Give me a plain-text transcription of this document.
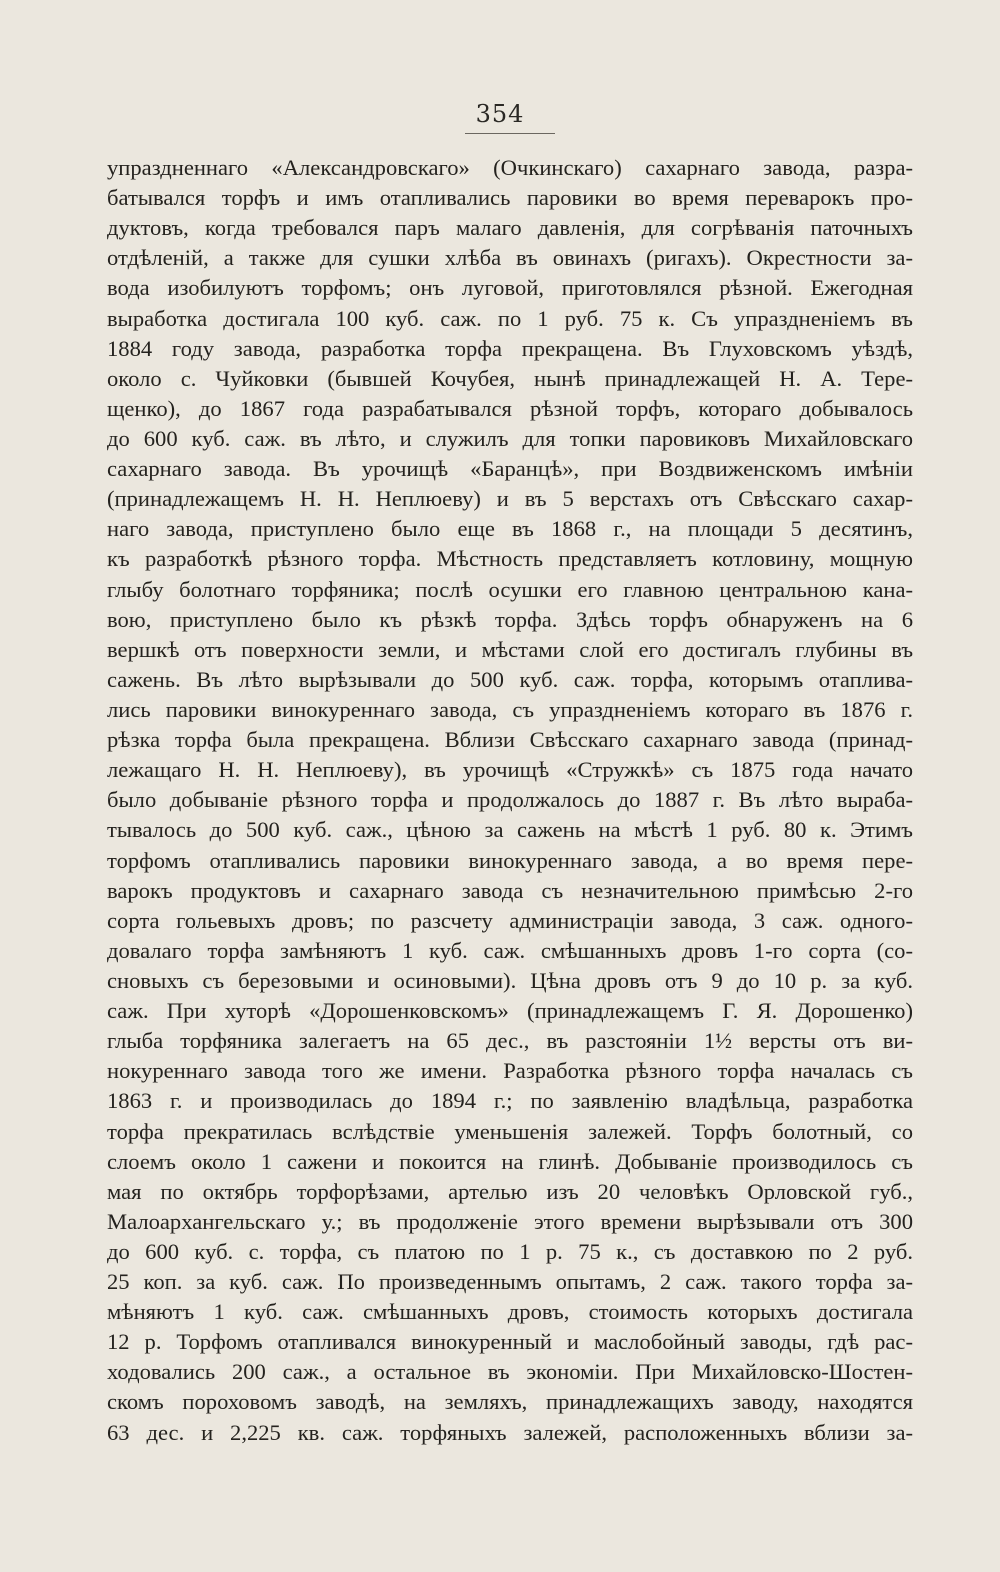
354
упраздненнаго «Александровскаго» (Очкинскаго) сахарнаго завода, разра-
батывался торфъ и имъ отапливались паровики во время переварокъ про-
дуктовъ, когда требовался паръ малаго давленія, для согрѣванія паточныхъ
отдѣленій, а также для сушки хлѣба въ овинахъ (ригахъ). Окрестности за-
вода изобилуютъ торфомъ; онъ луговой, приготовлялся рѣзной. Ежегодная
выработка достигала 100 куб. саж. по 1 руб. 75 к. Съ упраздненіемъ въ
1884 году завода, разработка торфа прекращена. Въ Глуховскомъ уѣздѣ,
около с. Чуйковки (бывшей Кочубея, нынѣ принадлежащей Н. А. Тере-
щенко), до 1867 года разрабатывался рѣзной торфъ, котораго добывалось
до 600 куб. саж. въ лѣто, и служилъ для топки паровиковъ Михайловскаго
сахарнаго завода. Въ урочищѣ «Баранцѣ», при Воздвиженскомъ имѣніи
(принадлежащемъ Н. Н. Неплюеву) и въ 5 верстахъ отъ Свѣсскаго сахар-
наго завода, приступлено было еще въ 1868 г., на площади 5 десятинъ,
къ разработкѣ рѣзного торфа. Мѣстность представляетъ котловину, мощную
глыбу болотнаго торфяника; послѣ осушки его главною центральною кана-
вою, приступлено было къ рѣзкѣ торфа. Здѣсь торфъ обнаруженъ на 6
вершкѣ отъ поверхности земли, и мѣстами слой его достигалъ глубины въ
сажень. Въ лѣто вырѣзывали до 500 куб. саж. торфа, которымъ отаплива-
лись паровики винокуреннаго завода, съ упраздненіемъ котораго въ 1876 г.
рѣзка торфа была прекращена. Вблизи Свѣсскаго сахарнаго завода (принад-
лежащаго Н. Н. Неплюеву), въ урочищѣ «Стружкѣ» съ 1875 года начато
было добываніе рѣзного торфа и продолжалось до 1887 г. Въ лѣто выраба-
тывалось до 500 куб. саж., цѣною за сажень на мѣстѣ 1 руб. 80 к. Этимъ
торфомъ отапливались паровики винокуреннаго завода, а во время пере-
варокъ продуктовъ и сахарнаго завода съ незначительною примѣсью 2-го
сорта гольевыхъ дровъ; по разсчету администраціи завода, 3 саж. одного-
довалаго торфа замѣняютъ 1 куб. саж. смѣшанныхъ дровъ 1-го сорта (со-
сновыхъ съ березовыми и осиновыми). Цѣна дровъ отъ 9 до 10 р. за куб.
саж. При хуторѣ «Дорошенковскомъ» (принадлежащемъ Г. Я. Дорошенко)
глыба торфяника залегаетъ на 65 дес., въ разстояніи 1½ версты отъ ви-
нокуреннаго завода того же имени. Разработка рѣзного торфа началась съ
1863 г. и производилась до 1894 г.; по заявленію владѣльца, разработка
торфа прекратилась вслѣдствіе уменьшенія залежей. Торфъ болотный, со
слоемъ около 1 сажени и покоится на глинѣ. Добываніе производилось съ
мая по октябрь торфорѣзами, артелью изъ 20 человѣкъ Орловской губ.,
Малоархангельскаго у.; въ продолженіе этого времени вырѣзывали отъ 300
до 600 куб. с. торфа, съ платою по 1 р. 75 к., съ доставкою по 2 руб.
25 коп. за куб. саж. По произведеннымъ опытамъ, 2 саж. такого торфа за-
мѣняютъ 1 куб. саж. смѣшанныхъ дровъ, стоимость которыхъ достигала
12 р. Торфомъ отапливался винокуренный и маслобойный заводы, гдѣ рас-
ходовались 200 саж., а остальное въ экономіи. При Михайловско-Шостен-
скомъ пороховомъ заводѣ, на земляхъ, принадлежащихъ заводу, находятся
63 дес. и 2,225 кв. саж. торфяныхъ залежей, расположенныхъ вблизи за-
